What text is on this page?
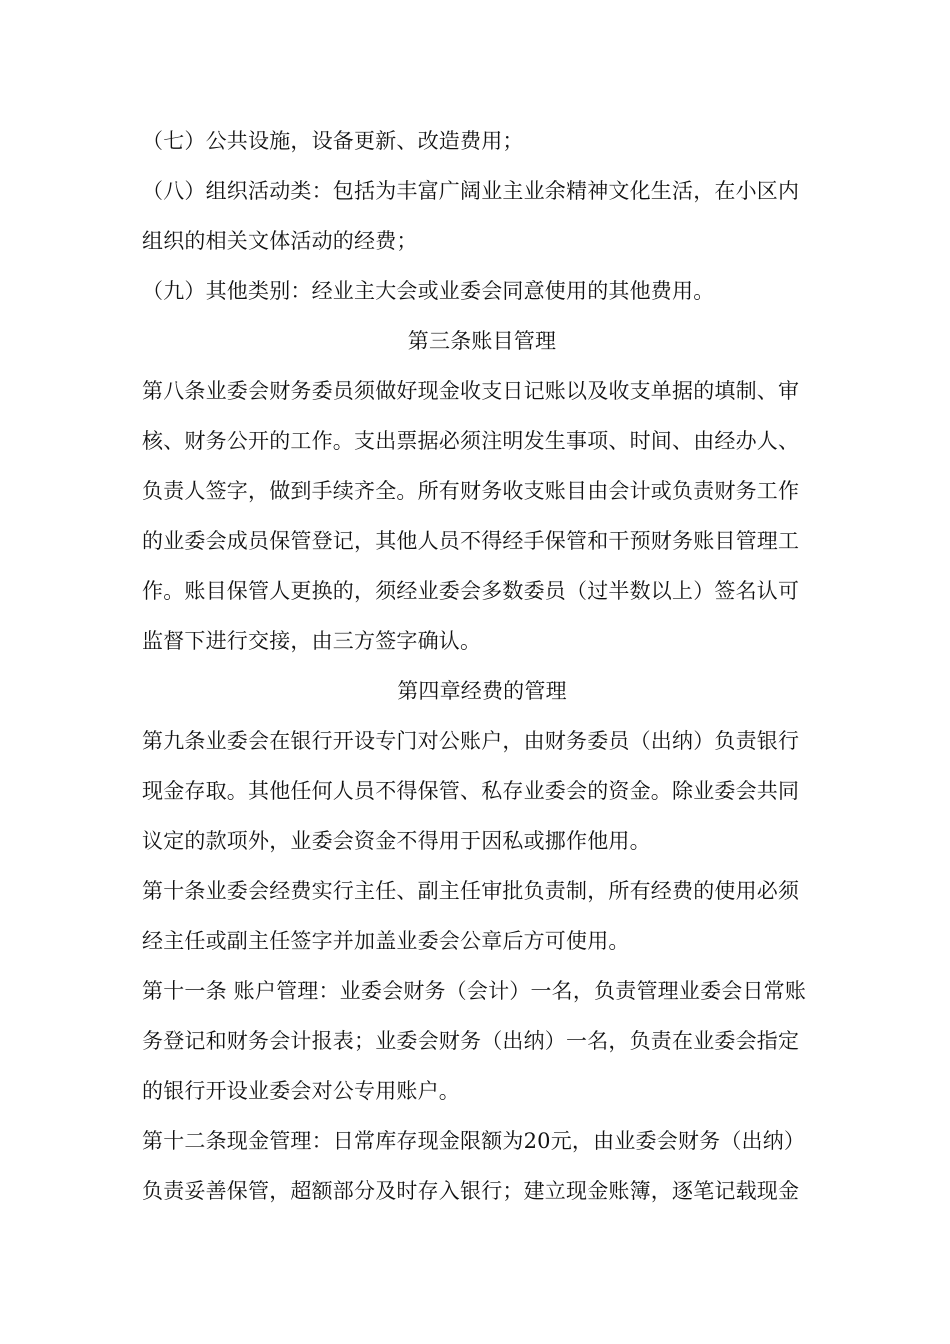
（七）公共设施，设备更新、改造费用；
（八）组织活动类：包括为丰富广阔业主业余精神文化生活，在小区内
组织的相关文体活动的经费；
（九）其他类别：经业主大会或业委会同意使用的其他费用。
第三条账目管理
第八条业委会财务委员须做好现金收支日记账以及收支单据的填制、审
核、财务公开的工作。支出票据必须注明发生事项、时间、由经办人、
负责人签字，做到手续齐全。所有财务收支账目由会计或负责财务工作
的业委会成员保管登记，其他人员不得经手保管和干预财务账目管理工
作。账目保管人更换的，须经业委会多数委员（过半数以上）签名认可
监督下进行交接，由三方签字确认。
第四章经费的管理
第九条业委会在银行开设专门对公账户，由财务委员（出纳）负责银行
现金存取。其他任何人员不得保管、私存业委会的资金。除业委会共同
议定的款项外，业委会资金不得用于因私或挪作他用。
第十条业委会经费实行主任、副主任审批负责制，所有经费的使用必须
经主任或副主任签字并加盖业委会公章后方可使用。
第十一条 账户管理：业委会财务（会计）一名，负责管理业委会日常账
务登记和财务会计报表；业委会财务（出纳）一名，负责在业委会指定
的银行开设业委会对公专用账户。
第十二条现金管理：日常库存现金限额为20元，由业委会财务（出纳）
负责妥善保管，超额部分及时存入银行；建立现金账簿，逐笔记载现金
